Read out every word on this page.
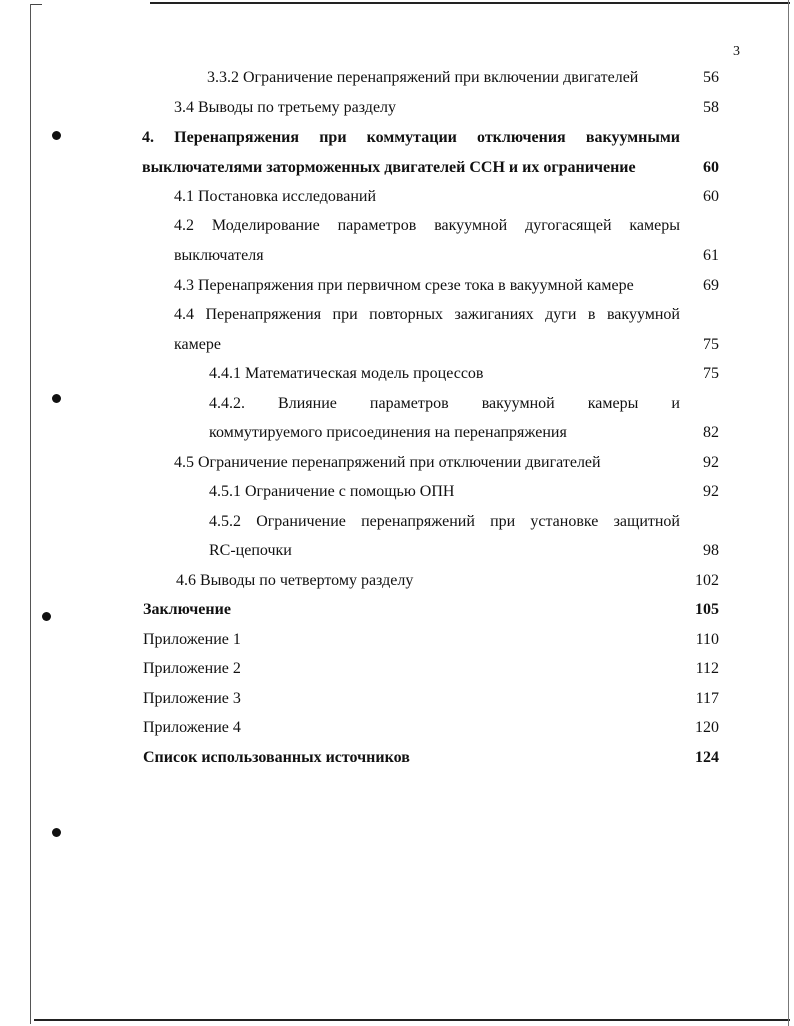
3
3.3.2 Ограничение перенапряжений при включении двигателей	56
3.4 Выводы по третьему разделу	58
4. Перенапряжения при коммутации отключения вакуумными
выключателями заторможенных двигателей ССН и их ограничение	60
4.1 Постановка исследований	60
4.2 Моделирование параметров вакуумной дугогасящей камеры
выключателя	61
4.3 Перенапряжения при первичном срезе тока в вакуумной камере	69
4.4 Перенапряжения при повторных зажиганиях дуги в вакуумной
камере	75
4.4.1 Математическая модель процессов	75
4.4.2. Влияние параметров вакуумной камеры и
коммутируемого присоединения на перенапряжения	82
4.5 Ограничение перенапряжений при отключении двигателей	92
4.5.1 Ограничение с помощью ОПН	92
4.5.2 Ограничение перенапряжений при установке защитной
RC-цепочки	98
4.6 Выводы по четвертому разделу	102
Заключение	105
Приложение 1	110
Приложение 2	112
Приложение 3	117
Приложение 4	120
Список использованных источников	124
